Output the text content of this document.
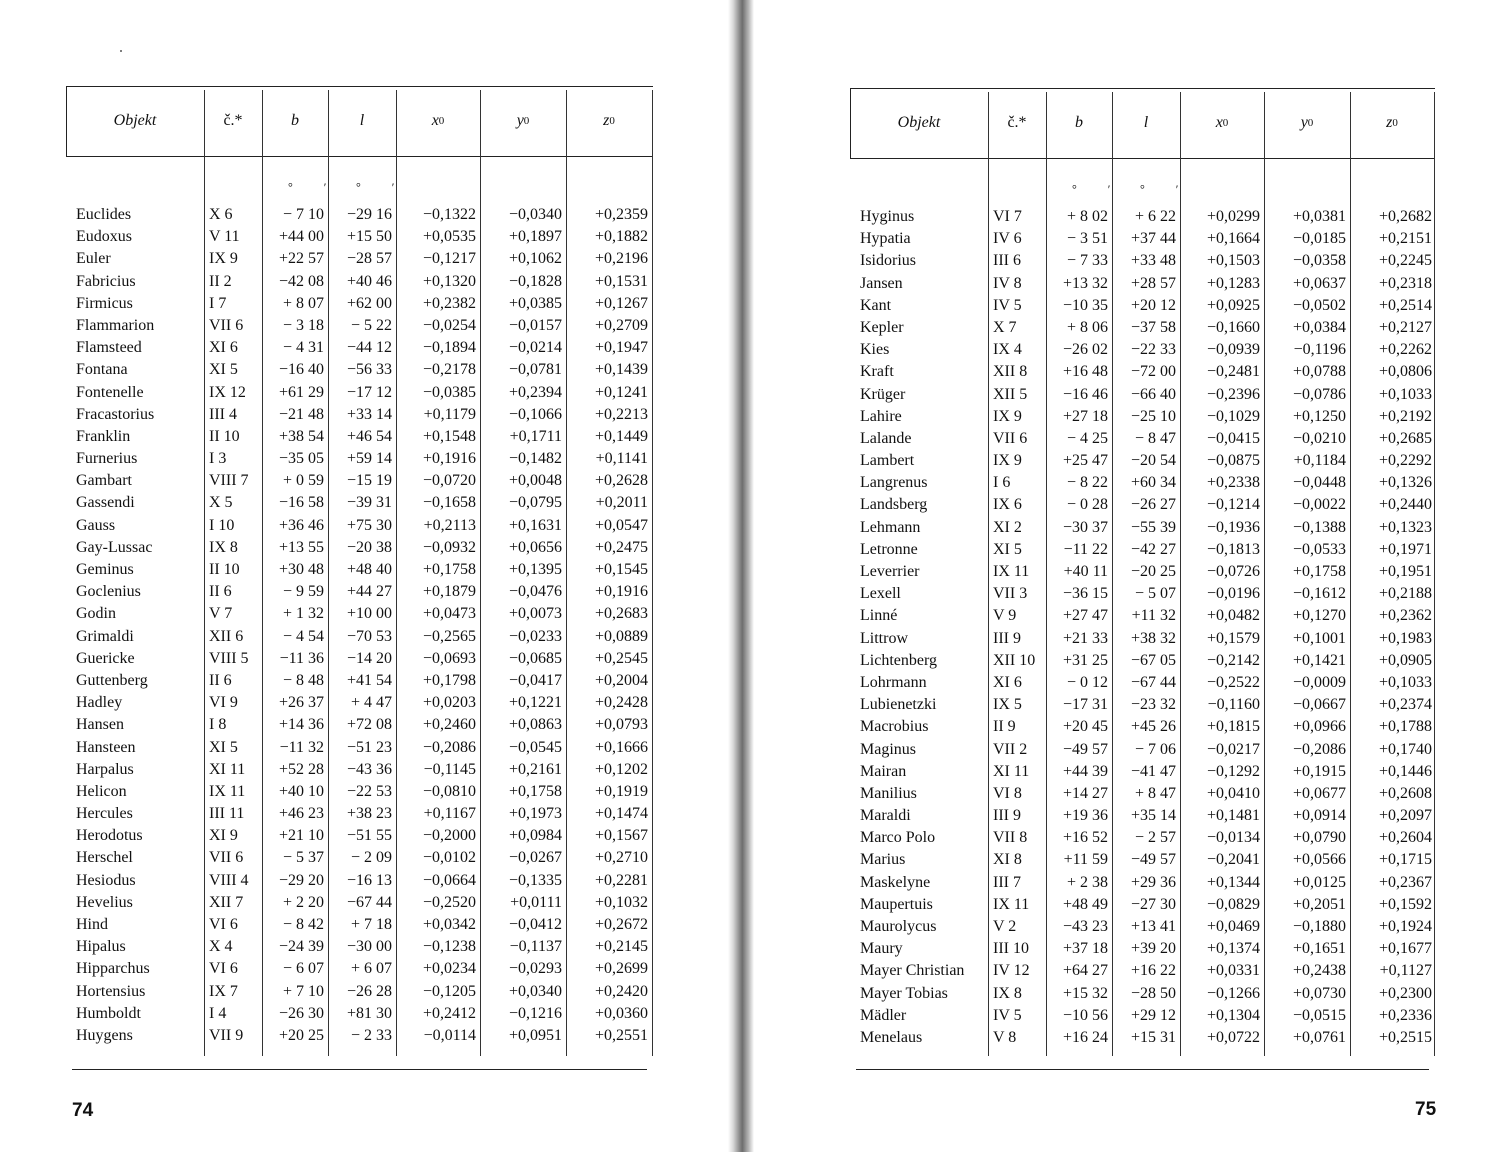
Objekt	č.*	b	l	x 0	y 0	z 0
° ′ ° ′
Euclides	X 6	− 7 10	−29 16	−0,1322	−0,0340	+0,2359
Eudoxus	V 11	+44 00	+15 50	+0,0535	+0,1897	+0,1882
Euler	IX 9	+22 57	−28 57	−0,1217	+0,1062	+0,2196
Fabricius	II 2	−42 08	+40 46	+0,1320	−0,1828	+0,1531
Firmicus	I 7	+ 8 07	+62 00	+0,2382	+0,0385	+0,1267
Flammarion	VII 6	− 3 18	− 5 22	−0,0254	−0,0157	+0,2709
Flamsteed	XI 6	− 4 31	−44 12	−0,1894	−0,0214	+0,1947
Fontana	XI 5	−16 40	−56 33	−0,2178	−0,0781	+0,1439
Fontenelle	IX 12	+61 29	−17 12	−0,0385	+0,2394	+0,1241
Fracastorius	III 4	−21 48	+33 14	+0,1179	−0,1066	+0,2213
Franklin	II 10	+38 54	+46 54	+0,1548	+0,1711	+0,1449
Furnerius	I 3	−35 05	+59 14	+0,1916	−0,1482	+0,1141
Gambart	VIII 7	+ 0 59	−15 19	−0,0720	+0,0048	+0,2628
Gassendi	X 5	−16 58	−39 31	−0,1658	−0,0795	+0,2011
Gauss	I 10	+36 46	+75 30	+0,2113	+0,1631	+0,0547
Gay-Lussac	IX 8	+13 55	−20 38	−0,0932	+0,0656	+0,2475
Geminus	II 10	+30 48	+48 40	+0,1758	+0,1395	+0,1545
Goclenius	II 6	− 9 59	+44 27	+0,1879	−0,0476	+0,1916
Godin	V 7	+ 1 32	+10 00	+0,0473	+0,0073	+0,2683
Grimaldi	XII 6	− 4 54	−70 53	−0,2565	−0,0233	+0,0889
Guericke	VIII 5	−11 36	−14 20	−0,0693	−0,0685	+0,2545
Guttenberg	II 6	− 8 48	+41 54	+0,1798	−0,0417	+0,2004
Hadley	VI 9	+26 37	+ 4 47	+0,0203	+0,1221	+0,2428
Hansen	I 8	+14 36	+72 08	+0,2460	+0,0863	+0,0793
Hansteen	XI 5	−11 32	−51 23	−0,2086	−0,0545	+0,1666
Harpalus	XI 11	+52 28	−43 36	−0,1145	+0,2161	+0,1202
Helicon	IX 11	+40 10	−22 53	−0,0810	+0,1758	+0,1919
Hercules	III 11	+46 23	+38 23	+0,1167	+0,1973	+0,1474
Herodotus	XI 9	+21 10	−51 55	−0,2000	+0,0984	+0,1567
Herschel	VII 6	− 5 37	− 2 09	−0,0102	−0,0267	+0,2710
Hesiodus	VIII 4	−29 20	−16 13	−0,0664	−0,1335	+0,2281
Hevelius	XII 7	+ 2 20	−67 44	−0,2520	+0,0111	+0,1032
Hind	VI 6	− 8 42	+ 7 18	+0,0342	−0,0412	+0,2672
Hipalus	X 4	−24 39	−30 00	−0,1238	−0,1137	+0,2145
Hipparchus	VI 6	− 6 07	+ 6 07	+0,0234	−0,0293	+0,2699
Hortensius	IX 7	+ 7 10	−26 28	−0,1205	+0,0340	+0,2420
Humboldt	I 4	−26 30	+81 30	+0,2412	−0,1216	+0,0360
Huygens	VII 9	+20 25	− 2 33	−0,0114	+0,0951	+0,2551
74
Objekt	č.*	b	l	x 0	y 0	z 0
° ′ ° ′
Hyginus	VI 7	+ 8 02	+ 6 22	+0,0299	+0,0381	+0,2682
Hypatia	IV 6	− 3 51	+37 44	+0,1664	−0,0185	+0,2151
Isidorius	III 6	− 7 33	+33 48	+0,1503	−0,0358	+0,2245
Jansen	IV 8	+13 32	+28 57	+0,1283	+0,0637	+0,2318
Kant	IV 5	−10 35	+20 12	+0,0925	−0,0502	+0,2514
Kepler	X 7	+ 8 06	−37 58	−0,1660	+0,0384	+0,2127
Kies	IX 4	−26 02	−22 33	−0,0939	−0,1196	+0,2262
Kraft	XII 8	+16 48	−72 00	−0,2481	+0,0788	+0,0806
Krüger	XII 5	−16 46	−66 40	−0,2396	−0,0786	+0,1033
Lahire	IX 9	+27 18	−25 10	−0,1029	+0,1250	+0,2192
Lalande	VII 6	− 4 25	− 8 47	−0,0415	−0,0210	+0,2685
Lambert	IX 9	+25 47	−20 54	−0,0875	+0,1184	+0,2292
Langrenus	I 6	− 8 22	+60 34	+0,2338	−0,0448	+0,1326
Landsberg	IX 6	− 0 28	−26 27	−0,1214	−0,0022	+0,2440
Lehmann	XI 2	−30 37	−55 39	−0,1936	−0,1388	+0,1323
Letronne	XI 5	−11 22	−42 27	−0,1813	−0,0533	+0,1971
Leverrier	IX 11	+40 11	−20 25	−0,0726	+0,1758	+0,1951
Lexell	VII 3	−36 15	− 5 07	−0,0196	−0,1612	+0,2188
Linné	V 9	+27 47	+11 32	+0,0482	+0,1270	+0,2362
Littrow	III 9	+21 33	+38 32	+0,1579	+0,1001	+0,1983
Lichtenberg	XII 10	+31 25	−67 05	−0,2142	+0,1421	+0,0905
Lohrmann	XI 6	− 0 12	−67 44	−0,2522	−0,0009	+0,1033
Lubienetzki	IX 5	−17 31	−23 32	−0,1160	−0,0667	+0,2374
Macrobius	II 9	+20 45	+45 26	+0,1815	+0,0966	+0,1788
Maginus	VII 2	−49 57	− 7 06	−0,0217	−0,2086	+0,1740
Mairan	XI 11	+44 39	−41 47	−0,1292	+0,1915	+0,1446
Manilius	VI 8	+14 27	+ 8 47	+0,0410	+0,0677	+0,2608
Maraldi	III 9	+19 36	+35 14	+0,1481	+0,0914	+0,2097
Marco Polo	VII 8	+16 52	− 2 57	−0,0134	+0,0790	+0,2604
Marius	XI 8	+11 59	−49 57	−0,2041	+0,0566	+0,1715
Maskelyne	III 7	+ 2 38	+29 36	+0,1344	+0,0125	+0,2367
Maupertuis	IX 11	+48 49	−27 30	−0,0829	+0,2051	+0,1592
Maurolycus	V 2	−43 23	+13 41	+0,0469	−0,1880	+0,1924
Maury	III 10	+37 18	+39 20	+0,1374	+0,1651	+0,1677
Mayer Christian	IV 12	+64 27	+16 22	+0,0331	+0,2438	+0,1127
Mayer Tobias	IX 8	+15 32	−28 50	−0,1266	+0,0730	+0,2300
Mädler	IV 5	−10 56	+29 12	+0,1304	−0,0515	+0,2336
Menelaus	V 8	+16 24	+15 31	+0,0722	+0,0761	+0,2515
75
